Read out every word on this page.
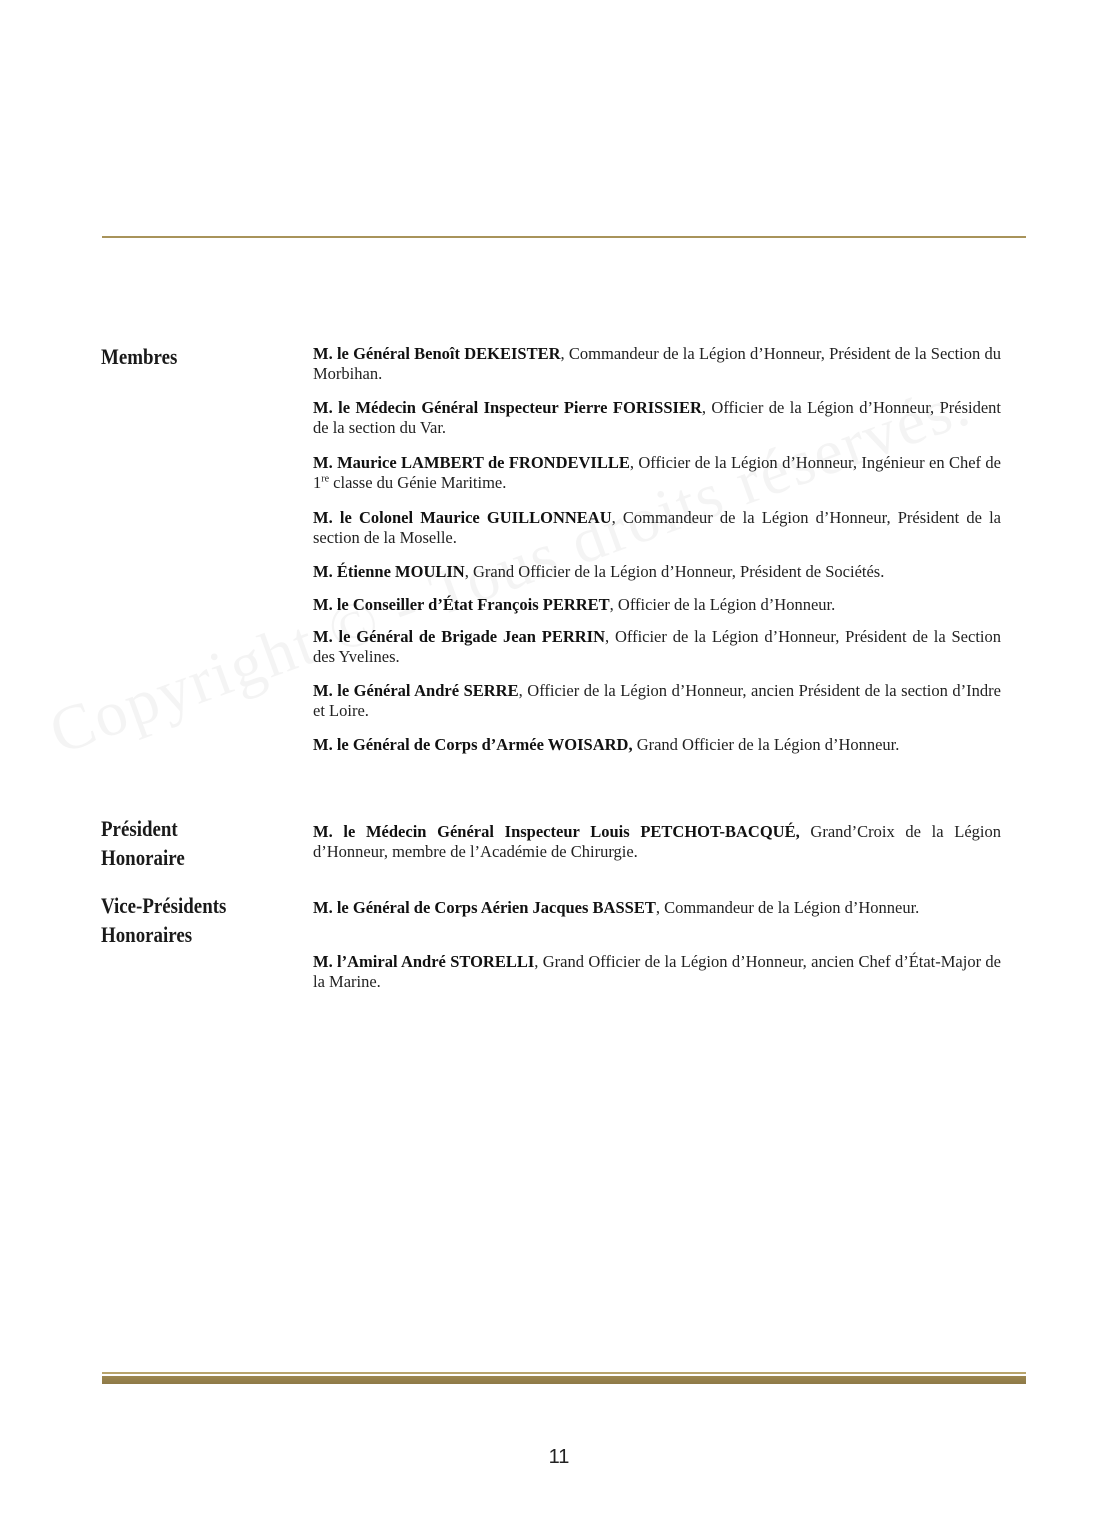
Membres	M. le Général Benoît DEKEISTER, Commandeur de la Légion d’Honneur, Président de la Section du Morbihan.

M. le Médecin Général Inspecteur Pierre FORISSIER, Officier de la Légion d’Honneur, Président de la section du Var.

M. Maurice LAMBERT de FRONDEVILLE, Officier de la Légion d’Honneur, Ingénieur en Chef de 1re classe du Génie Maritime.

M. le Colonel Maurice GUILLONNEAU, Commandeur de la Légion d’Honneur, Président de la section de la Moselle.

M. Étienne MOULIN, Grand Officier de la Légion d’Honneur, Président de Sociétés.

M. le Conseiller d’État François PERRET, Officier de la Légion d’Honneur.

M. le Général de Brigade Jean PERRIN, Officier de la Légion d’Honneur, Président de la Section des Yvelines.

M. le Général André SERRE, Officier de la Légion d’Honneur, ancien Président de la section d’Indre et Loire.

M. le Général de Corps d’Armée WOISARD, Grand Officier de la Légion d’Honneur.

Président
Honoraire

M. le Médecin Général Inspecteur Louis PETCHOT-BACQUÉ, Grand’Croix de la Légion d’Honneur, membre de l’Académie de Chirurgie.

Vice-Présidents
Honoraires

M. le Général de Corps Aérien Jacques BASSET, Commandeur de la Légion d’Honneur.

M. l’Amiral André STORELLI, Grand Officier de la Légion d’Honneur, ancien Chef d’État-Major de la Marine.

11
